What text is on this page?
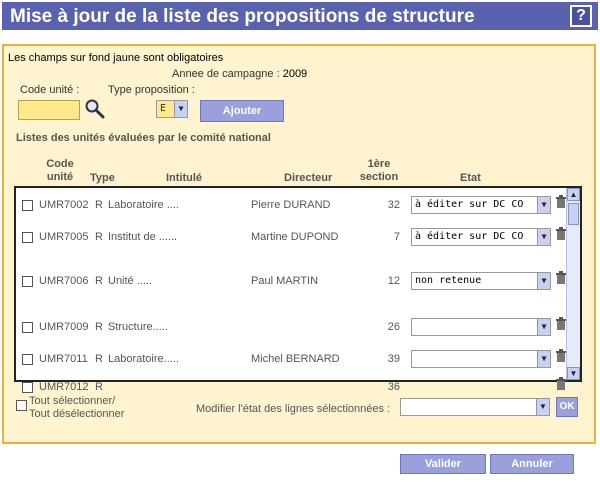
Mise à jour de la liste des propositions de structure	?
Les champs sur fond jaune sont obligatoires
Annee de campagne : 2009
Code unité :	Type proposition :
E	▼	Ajouter
Listes des unités évaluées par le comité national
Code
unité	Type	Intitulé	Directeur
1ère
section	Etat
UMR7002 R Laboratoire ....	Pierre DURAND	32	à éditer sur DC CO	▼
UMR7005 R Institut de ......	Martine DUPOND	7	à éditer sur DC CO	▼
UMR7006 R Unité .....	Paul MARTIN	12	non retenue	▼
UMR7009 R Structure.....	26	▼
UMR7011 R Laboratoire.....	Michel BERNARD	39	▼
UMR7012 R	36
▲
▼
Tout sélectionner/
Tout désélectionner	Modifier l'état des lignes sélectionnées :	▼	OK
Valider	Annuler
